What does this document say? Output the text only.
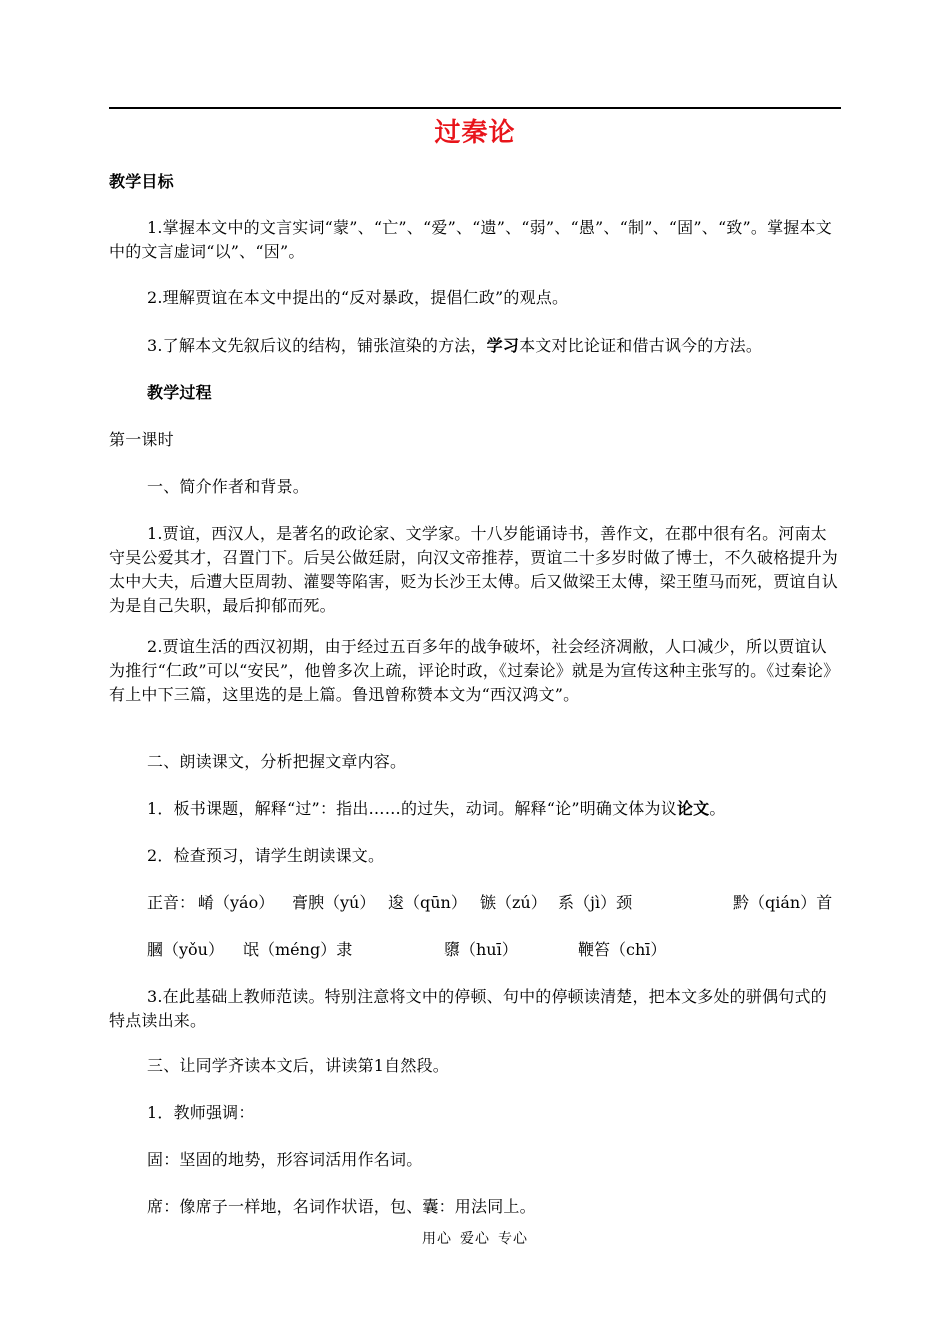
过秦论
教学目标
1.掌握本文中的文言实词“蒙”、“亡”、“爱”、“遗”、“弱”、“愚”、“制”、“固”、“致”。掌握本文中的文言虚词“以”、“因”。
2.理解贾谊在本文中提出的“反对暴政，提倡仁政”的观点。
3.了解本文先叙后议的结构，铺张渲染的方法，学习本文对比论证和借古讽今的方法。
教学过程
第一课时
一、简介作者和背景。
1.贾谊，西汉人，是著名的政论家、文学家。十八岁能诵诗书，善作文，在郡中很有名。河南太守吴公爱其才，召置门下。后吴公做廷尉，向汉文帝推荐，贾谊二十多岁时做了博士，不久破格提升为太中大夫，后遭大臣周勃、灌婴等陷害，贬为长沙王太傅。后又做梁王太傅，梁王堕马而死，贾谊自认为是自己失职，最后抑郁而死。
2.贾谊生活的西汉初期，由于经过五百多年的战争破坏，社会经济凋敝，人口减少，所以贾谊认为推行“仁政”可以“安民”，他曾多次上疏，评论时政，《过秦论》就是为宣传这种主张写的。《过秦论》有上中下三篇，这里选的是上篇。鲁迅曾称赞本文为“西汉鸿文”。
二、朗读课文，分析把握文章内容。
1．板书课题，解释“过”：指出……的过失，动词。解释“论”明确文体为议论文。
2．检查预习，请学生朗读课文。
正音： 崤（yáo） 膏腴（yú） 逡（qūn） 镞（zú） 系（jì）颈	黔（qián）首
膕（yǒu） 氓（méng）隶	隳（huī）	鞭笞（chī）
3.在此基础上教师范读。特别注意将文中的停顿、句中的停顿读清楚，把本文多处的骈偶句式的特点读出来。
三、让同学齐读本文后，讲读第1自然段。
1．教师强调：
固：坚固的地势，形容词活用作名词。
席：像席子一样地，名词作状语，包、囊：用法同上。
用心 爱心 专心
